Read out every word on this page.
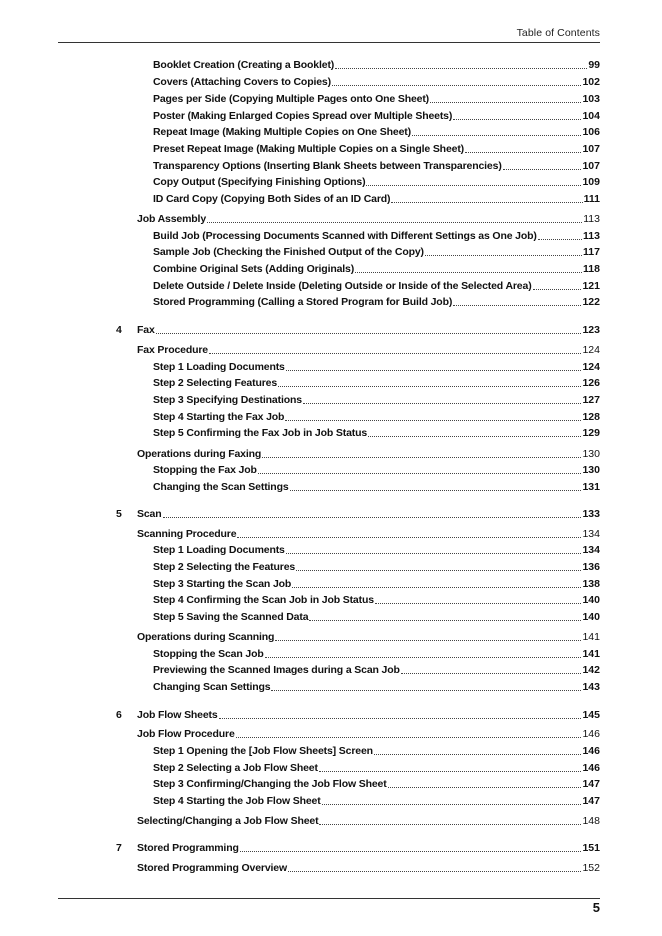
Table of Contents
Booklet Creation (Creating a Booklet)	99
Covers (Attaching Covers to Copies)	102
Pages per Side (Copying Multiple Pages onto One Sheet)	103
Poster (Making Enlarged Copies Spread over Multiple Sheets)	104
Repeat Image (Making Multiple Copies on One Sheet)	106
Preset Repeat Image (Making Multiple Copies on a Single Sheet)	107
Transparency Options (Inserting Blank Sheets between Transparencies)	107
Copy Output (Specifying Finishing Options)	109
ID Card Copy (Copying Both Sides of an ID Card)	111
Job Assembly	113
Build Job (Processing Documents Scanned with Different Settings as One Job)	113
Sample Job (Checking the Finished Output of the Copy)	117
Combine Original Sets (Adding Originals)	118
Delete Outside / Delete Inside (Deleting Outside or Inside of the Selected Area)	121
Stored Programming (Calling a Stored Program for Build Job)	122
4 Fax	123
Fax Procedure	124
Step 1 Loading Documents	124
Step 2 Selecting Features	126
Step 3 Specifying Destinations	127
Step 4 Starting the Fax Job	128
Step 5 Confirming the Fax Job in Job Status	129
Operations during Faxing	130
Stopping the Fax Job	130
Changing the Scan Settings	131
5 Scan	133
Scanning Procedure	134
Step 1 Loading Documents	134
Step 2 Selecting the Features	136
Step 3 Starting the Scan Job	138
Step 4 Confirming the Scan Job in Job Status	140
Step 5 Saving the Scanned Data	140
Operations during Scanning	141
Stopping the Scan Job	141
Previewing the Scanned Images during a Scan Job	142
Changing Scan Settings	143
6 Job Flow Sheets	145
Job Flow Procedure	146
Step 1 Opening the [Job Flow Sheets] Screen	146
Step 2 Selecting a Job Flow Sheet	146
Step 3 Confirming/Changing the Job Flow Sheet	147
Step 4 Starting the Job Flow Sheet	147
Selecting/Changing a Job Flow Sheet	148
7 Stored Programming	151
Stored Programming Overview	152
5
